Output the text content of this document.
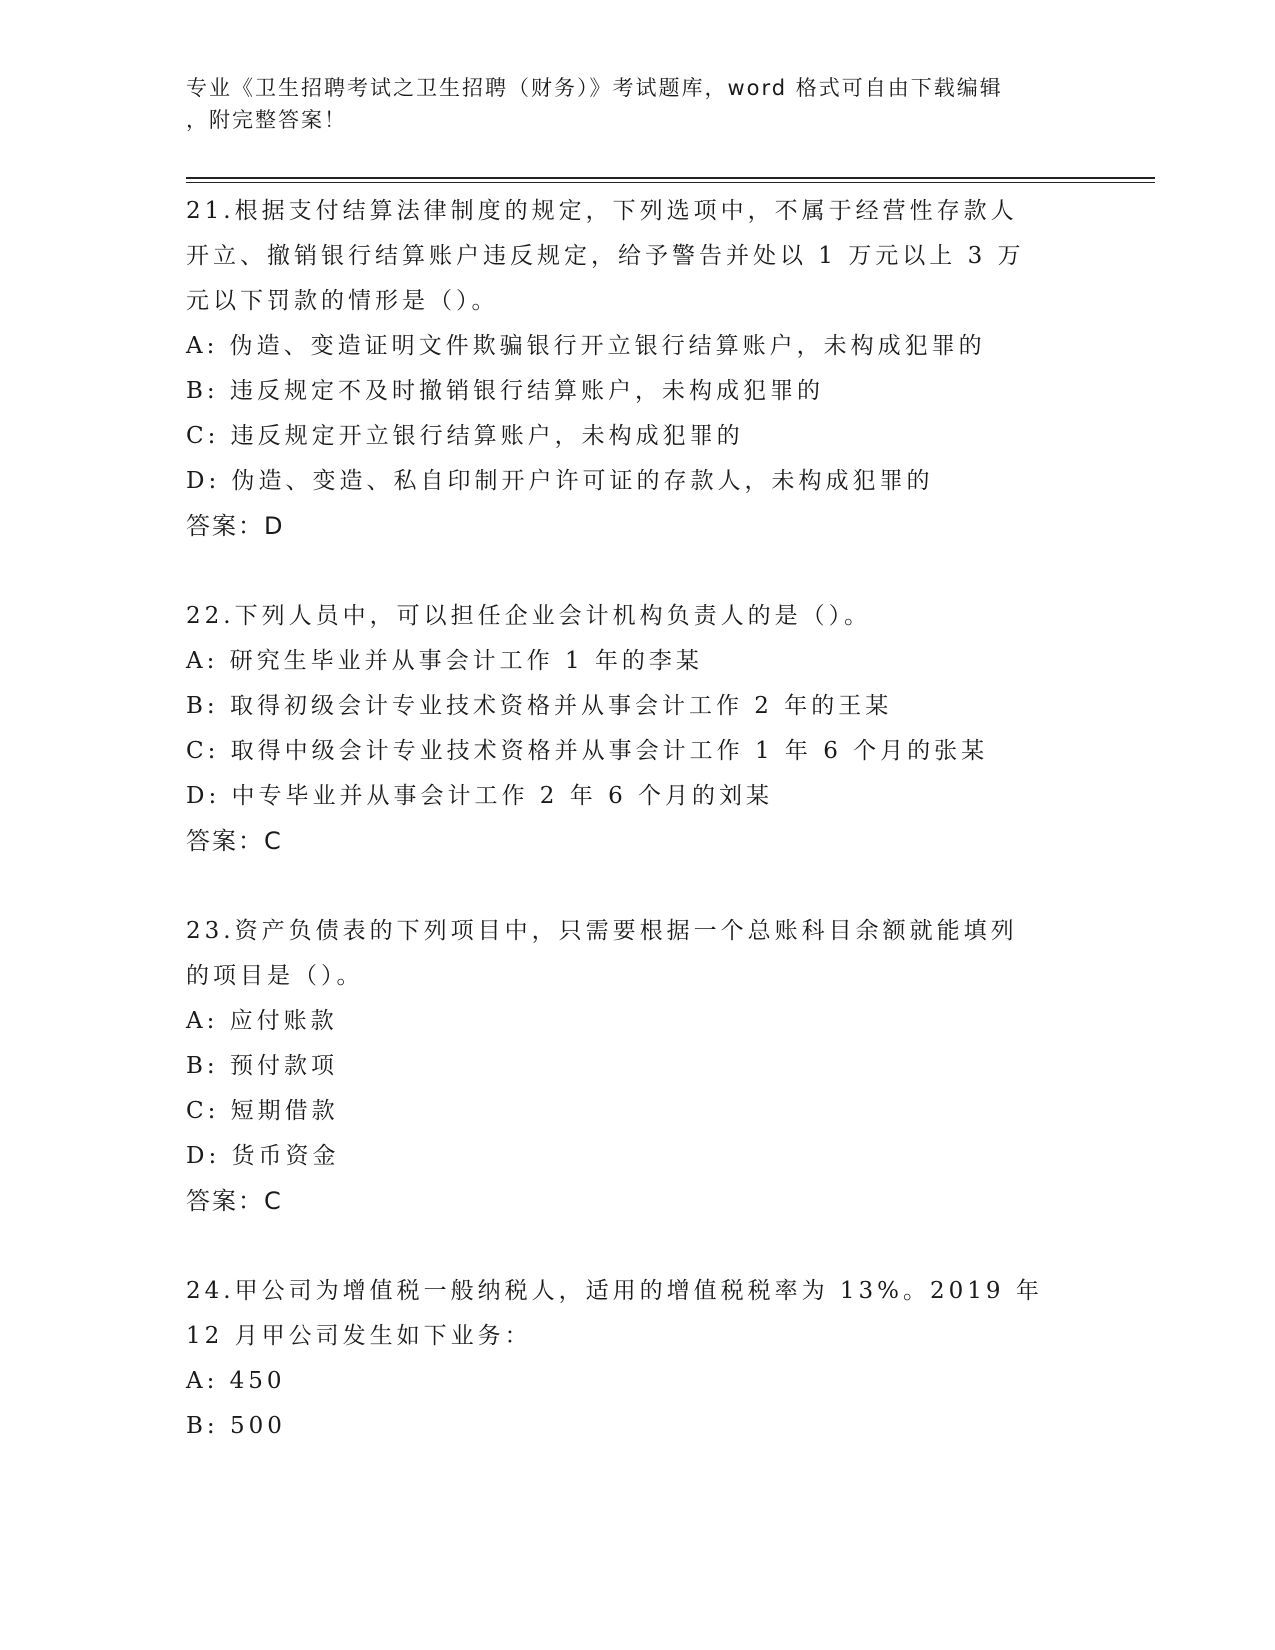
专业《卫生招聘考试之卫生招聘（财务）》考试题库，word 格式可自由下载编辑
，附完整答案！
21.根据支付结算法律制度的规定，下列选项中，不属于经营性存款人
开立、撤销银行结算账户违反规定，给予警告并处以 1 万元以上 3 万
元以下罚款的情形是（）。
A: 伪造、变造证明文件欺骗银行开立银行结算账户，未构成犯罪的
B: 违反规定不及时撤销银行结算账户，未构成犯罪的
C: 违反规定开立银行结算账户，未构成犯罪的
D: 伪造、变造、私自印制开户许可证的存款人，未构成犯罪的
答案：D
22.下列人员中，可以担任企业会计机构负责人的是（）。
A: 研究生毕业并从事会计工作 1 年的李某
B: 取得初级会计专业技术资格并从事会计工作 2 年的王某
C: 取得中级会计专业技术资格并从事会计工作 1 年 6 个月的张某
D: 中专毕业并从事会计工作 2 年 6 个月的刘某
答案：C
23.资产负债表的下列项目中，只需要根据一个总账科目余额就能填列
的项目是（）。
A: 应付账款
B: 预付款项
C: 短期借款
D: 货币资金
答案：C
24.甲公司为增值税一般纳税人，适用的增值税税率为 13%。2019 年
12 月甲公司发生如下业务：
A: 450
B: 500
